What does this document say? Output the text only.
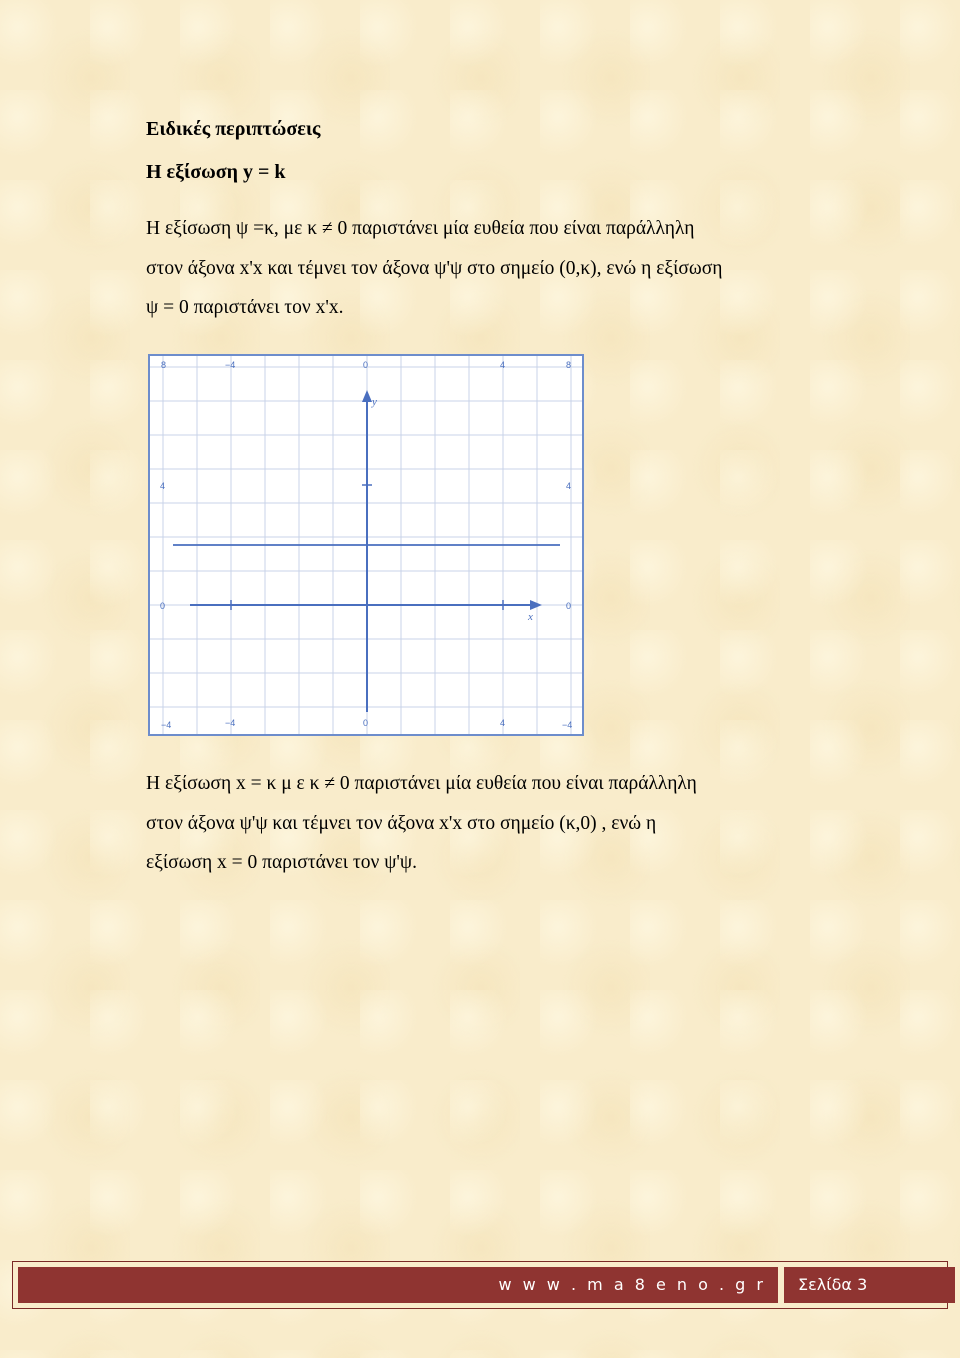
Ειδικές περιπτώσεις
Η εξίσωση y = k

Η εξίσωση ψ =κ, με κ ≠ 0 παριστάνει μία ευθεία που είναι παράλληλη
στον άξονα x'x και τέμνει τον άξονα ψ'ψ στο σημείο (0,κ), ενώ η εξίσωση
ψ = 0 παριστάνει τον x'x.

y
x
8	−4	0	4	8
−4	−4	0	4	−4
4
0
4
0

Η εξίσωση x = κ μ ε κ ≠ 0 παριστάνει μία ευθεία που είναι παράλληλη
στον άξονα ψ'ψ και τέμνει τον άξονα x'x στο σημείο (κ,0) , ενώ η
εξίσωση x = 0 παριστάνει τον ψ'ψ.

w w w . m a 8 e n o . g r Σελίδα 3
